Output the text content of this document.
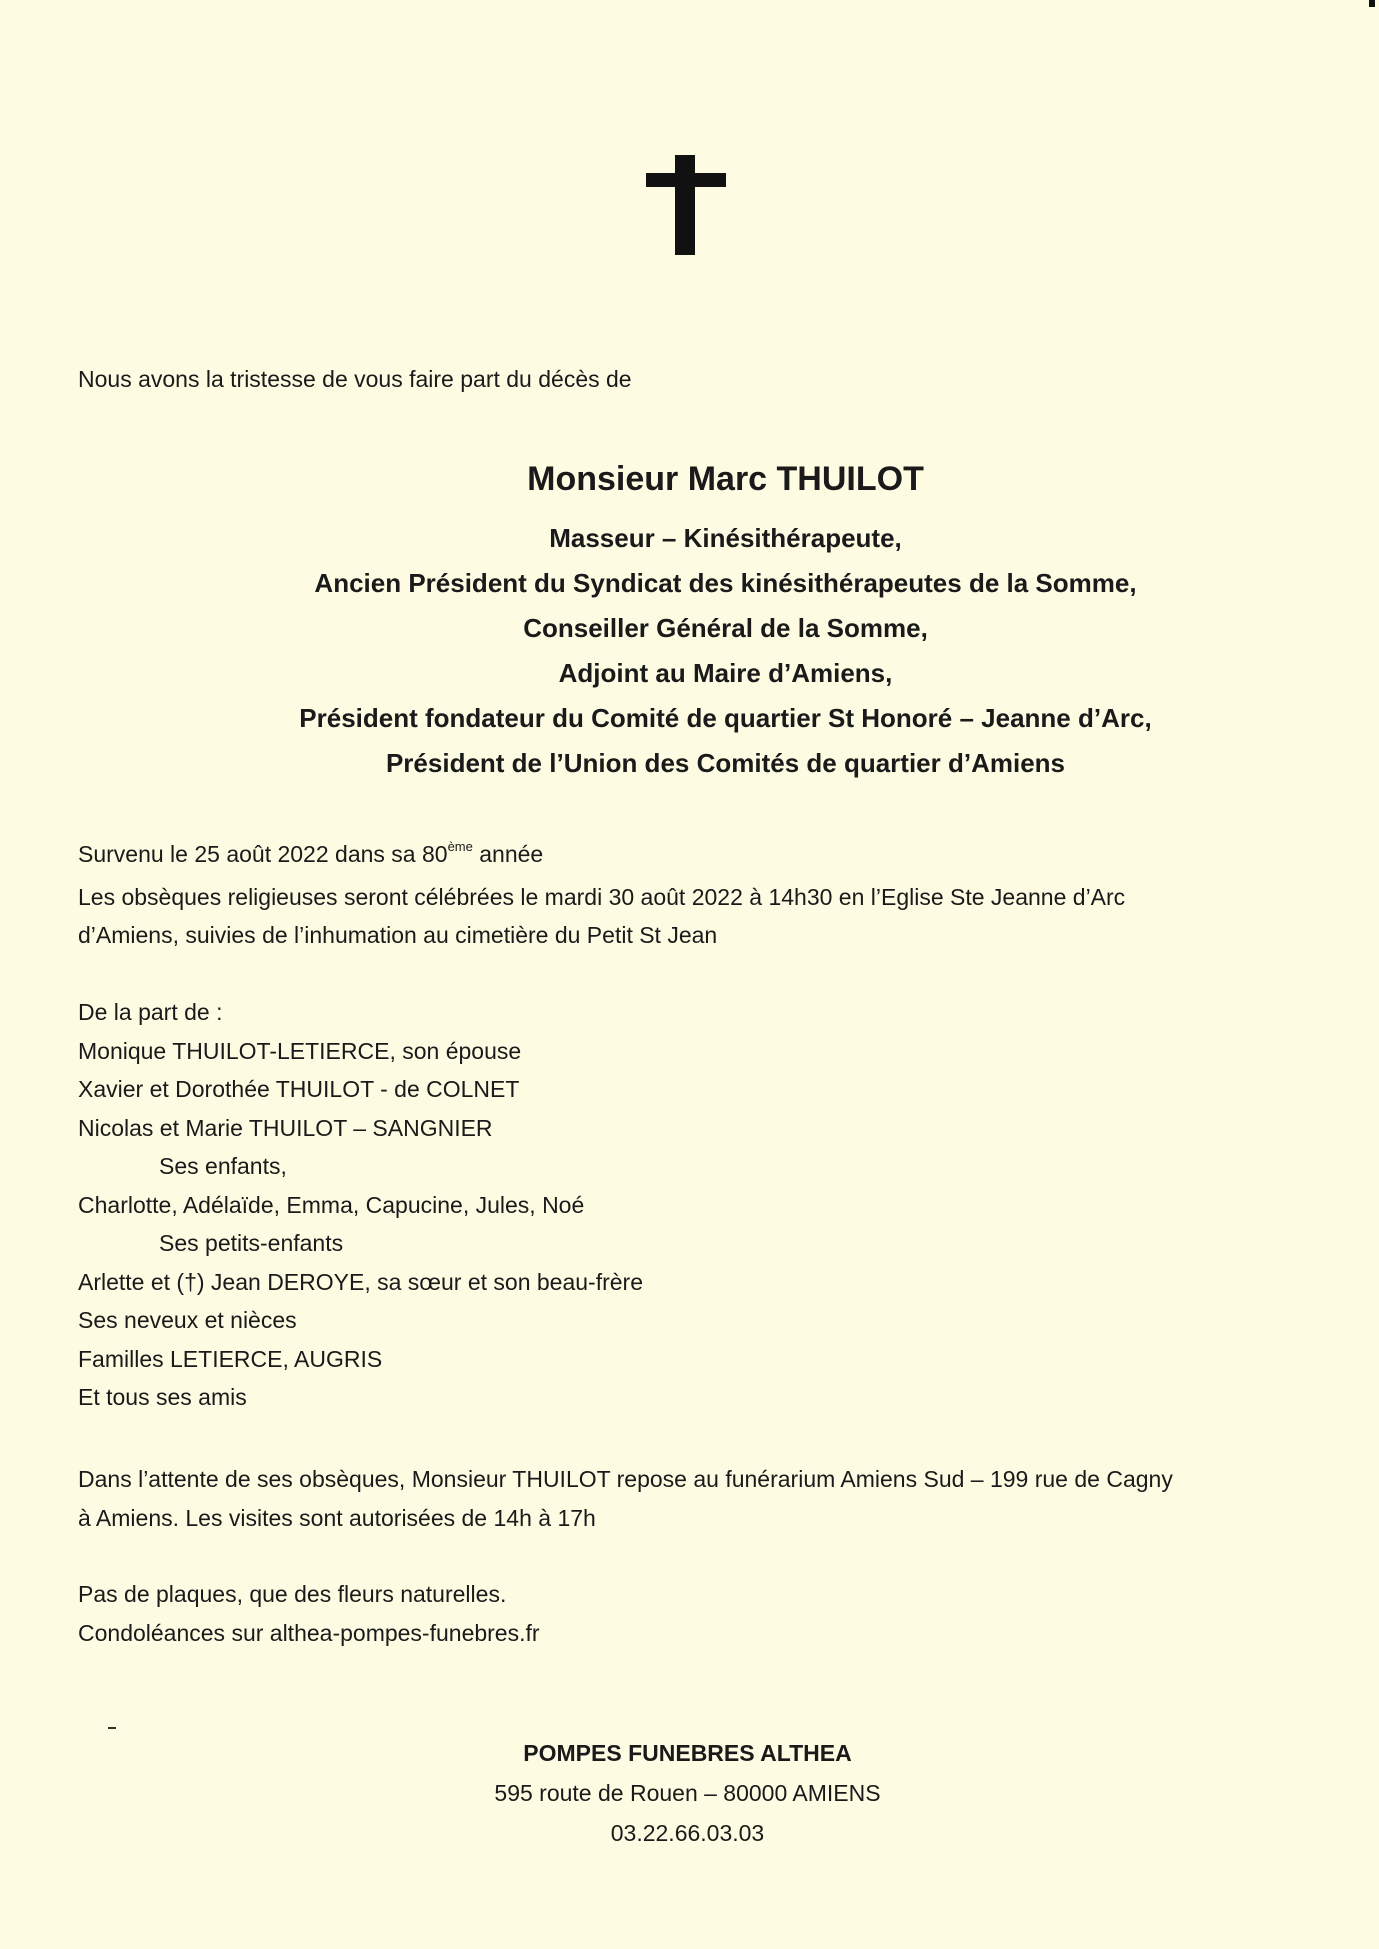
Nous avons la tristesse de vous faire part du décès de
Monsieur Marc THUILOT
Masseur – Kinésithérapeute,
Ancien Président du Syndicat des kinésithérapeutes de la Somme,
Conseiller Général de la Somme,
Adjoint au Maire d’Amiens,
Président fondateur du Comité de quartier St Honoré – Jeanne d’Arc,
Président de l’Union des Comités de quartier d’Amiens
Survenu le 25 août 2022 dans sa 80ème année
Les obsèques religieuses seront célébrées le mardi 30 août 2022 à 14h30 en l’Eglise Ste Jeanne d’Arc
d’Amiens, suivies de l’inhumation au cimetière du Petit St Jean
De la part de :
Monique THUILOT-LETIERCE, son épouse
Xavier et Dorothée THUILOT - de COLNET
Nicolas et Marie THUILOT – SANGNIER
Ses enfants,
Charlotte, Adélaïde, Emma, Capucine, Jules, Noé
Ses petits-enfants
Arlette et (†) Jean DEROYE, sa sœur et son beau-frère
Ses neveux et nièces
Familles LETIERCE, AUGRIS
Et tous ses amis
Dans l’attente de ses obsèques, Monsieur THUILOT repose au funérarium Amiens Sud – 199 rue de Cagny
à Amiens. Les visites sont autorisées de 14h à 17h
Pas de plaques, que des fleurs naturelles.
Condoléances sur althea-pompes-funebres.fr
POMPES FUNEBRES ALTHEA
595 route de Rouen – 80000 AMIENS
03.22.66.03.03
